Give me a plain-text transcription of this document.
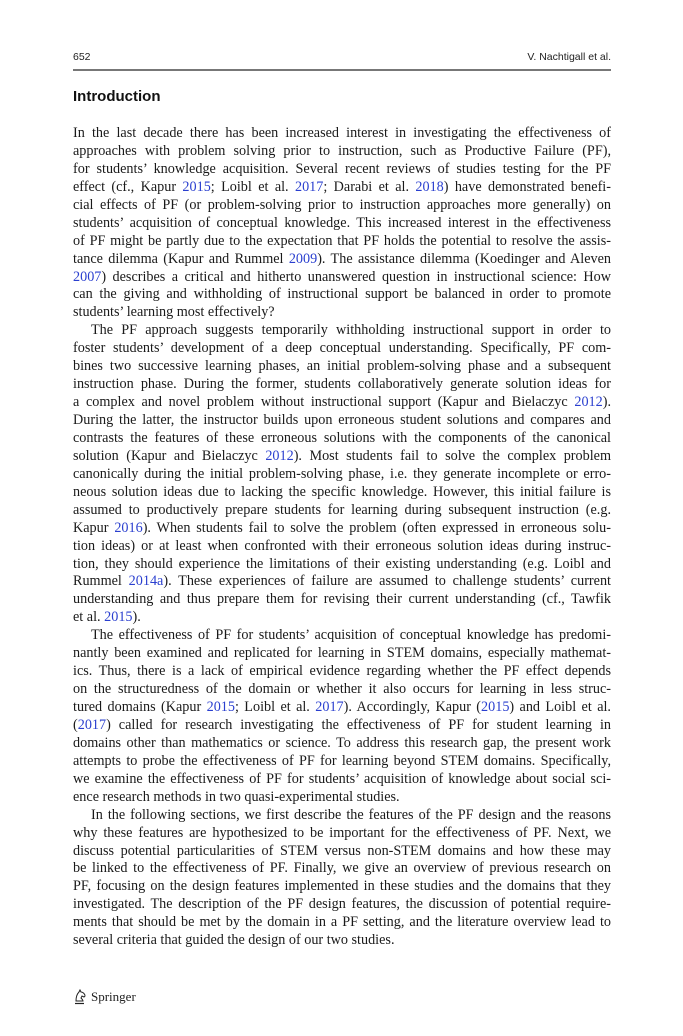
652	V. Nachtigall et al.
Introduction
In the last decade there has been increased interest in investigating the effectiveness of
approaches with problem solving prior to instruction, such as Productive Failure (PF),
for students’ knowledge acquisition. Several recent reviews of studies testing for the PF
effect (cf., Kapur 2015; Loibl et al. 2017; Darabi et al. 2018) have demonstrated benefi-
cial effects of PF (or problem-solving prior to instruction approaches more generally) on
students’ acquisition of conceptual knowledge. This increased interest in the effectiveness
of PF might be partly due to the expectation that PF holds the potential to resolve the assis-
tance dilemma (Kapur and Rummel 2009). The assistance dilemma (Koedinger and Aleven
2007) describes a critical and hitherto unanswered question in instructional science: How
can the giving and withholding of instructional support be balanced in order to promote
students’ learning most effectively?
The PF approach suggests temporarily withholding instructional support in order to
foster students’ development of a deep conceptual understanding. Specifically, PF com-
bines two successive learning phases, an initial problem-solving phase and a subsequent
instruction phase. During the former, students collaboratively generate solution ideas for
a complex and novel problem without instructional support (Kapur and Bielaczyc 2012).
During the latter, the instructor builds upon erroneous student solutions and compares and
contrasts the features of these erroneous solutions with the components of the canonical
solution (Kapur and Bielaczyc 2012). Most students fail to solve the complex problem
canonically during the initial problem-solving phase, i.e. they generate incomplete or erro-
neous solution ideas due to lacking the specific knowledge. However, this initial failure is
assumed to productively prepare students for learning during subsequent instruction (e.g.
Kapur 2016). When students fail to solve the problem (often expressed in erroneous solu-
tion ideas) or at least when confronted with their erroneous solution ideas during instruc-
tion, they should experience the limitations of their existing understanding (e.g. Loibl and
Rummel 2014a). These experiences of failure are assumed to challenge students’ current
understanding and thus prepare them for revising their current understanding (cf., Tawfik
et al. 2015).
The effectiveness of PF for students’ acquisition of conceptual knowledge has predomi-
nantly been examined and replicated for learning in STEM domains, especially mathemat-
ics. Thus, there is a lack of empirical evidence regarding whether the PF effect depends
on the structuredness of the domain or whether it also occurs for learning in less struc-
tured domains (Kapur 2015; Loibl et al. 2017). Accordingly, Kapur (2015) and Loibl et al.
(2017) called for research investigating the effectiveness of PF for student learning in
domains other than mathematics or science. To address this research gap, the present work
attempts to probe the effectiveness of PF for learning beyond STEM domains. Specifically,
we examine the effectiveness of PF for students’ acquisition of knowledge about social sci-
ence research methods in two quasi-experimental studies.
In the following sections, we first describe the features of the PF design and the reasons
why these features are hypothesized to be important for the effectiveness of PF. Next, we
discuss potential particularities of STEM versus non-STEM domains and how these may
be linked to the effectiveness of PF. Finally, we give an overview of previous research on
PF, focusing on the design features implemented in these studies and the domains that they
investigated. The description of the PF design features, the discussion of potential require-
ments that should be met by the domain in a PF setting, and the literature overview lead to
several criteria that guided the design of our two studies.
Springer
